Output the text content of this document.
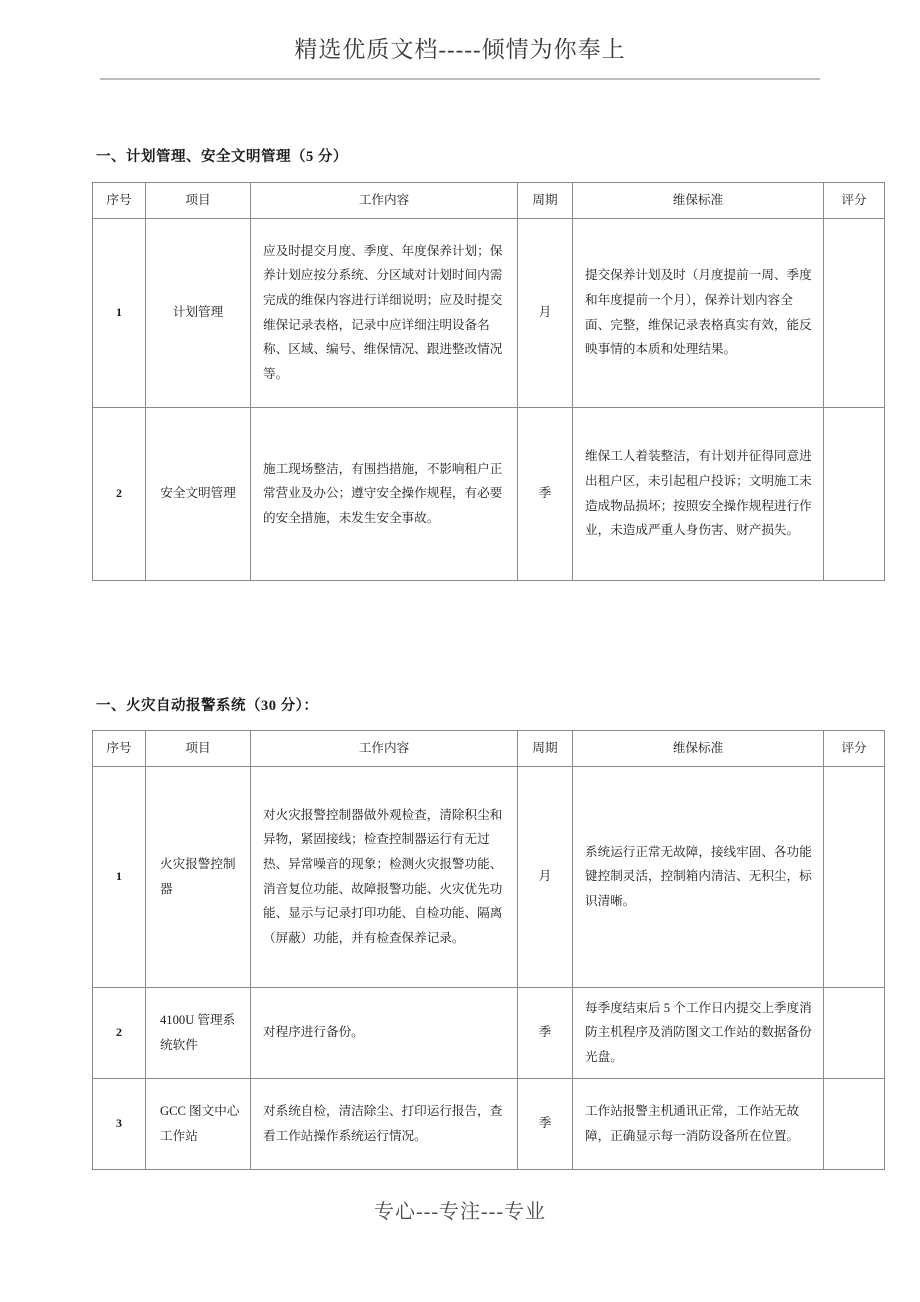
精选优质文档-----倾情为你奉上
一、计划管理、安全文明管理（5 分）
序号	项目	工作内容	周期	维保标准	评分
1	计划管理	应及时提交月度、季度、年度保养计划；保养计划应按分系统、分区域对计划时间内需完成的维保内容进行详细说明；应及时提交维保记录表格，记录中应详细注明设备名称、区域、编号、维保情况、跟进整改情况等。	月	提交保养计划及时（月度提前一周、季度和年度提前一个月），保养计划内容全面、完整，维保记录表格真实有效，能反映事情的本质和处理结果。	
2	安全文明管理	施工现场整洁，有围挡措施，不影响租户正常营业及办公；遵守安全操作规程，有必要的安全措施，未发生安全事故。	季	维保工人着装整洁，有计划并征得同意进出租户区，未引起租户投诉；文明施工未造成物品损坏；按照安全操作规程进行作业，未造成严重人身伤害、财产损失。	
一、火灾自动报警系统（30 分）：
序号	项目	工作内容	周期	维保标准	评分
1	火灾报警控制器	对火灾报警控制器做外观检查，清除积尘和异物，紧固接线；检查控制器运行有无过热、异常噪音的现象；检测火灾报警功能、消音复位功能、故障报警功能、火灾优先功能、显示与记录打印功能、自检功能、隔离（屏蔽）功能，并有检查保养记录。	月	系统运行正常无故障，接线牢固、各功能键控制灵活，控制箱内清洁、无积尘，标识清晰。	
2	4100U 管理系统软件	对程序进行备份。	季	每季度结束后 5 个工作日内提交上季度消防主机程序及消防图文工作站的数据备份光盘。	
3	GCC 图文中心工作站	对系统自检，清洁除尘、打印运行报告，查看工作站操作系统运行情况。	季	工作站报警主机通讯正常，工作站无故障，正确显示每一消防设备所在位置。	
专心---专注---专业
